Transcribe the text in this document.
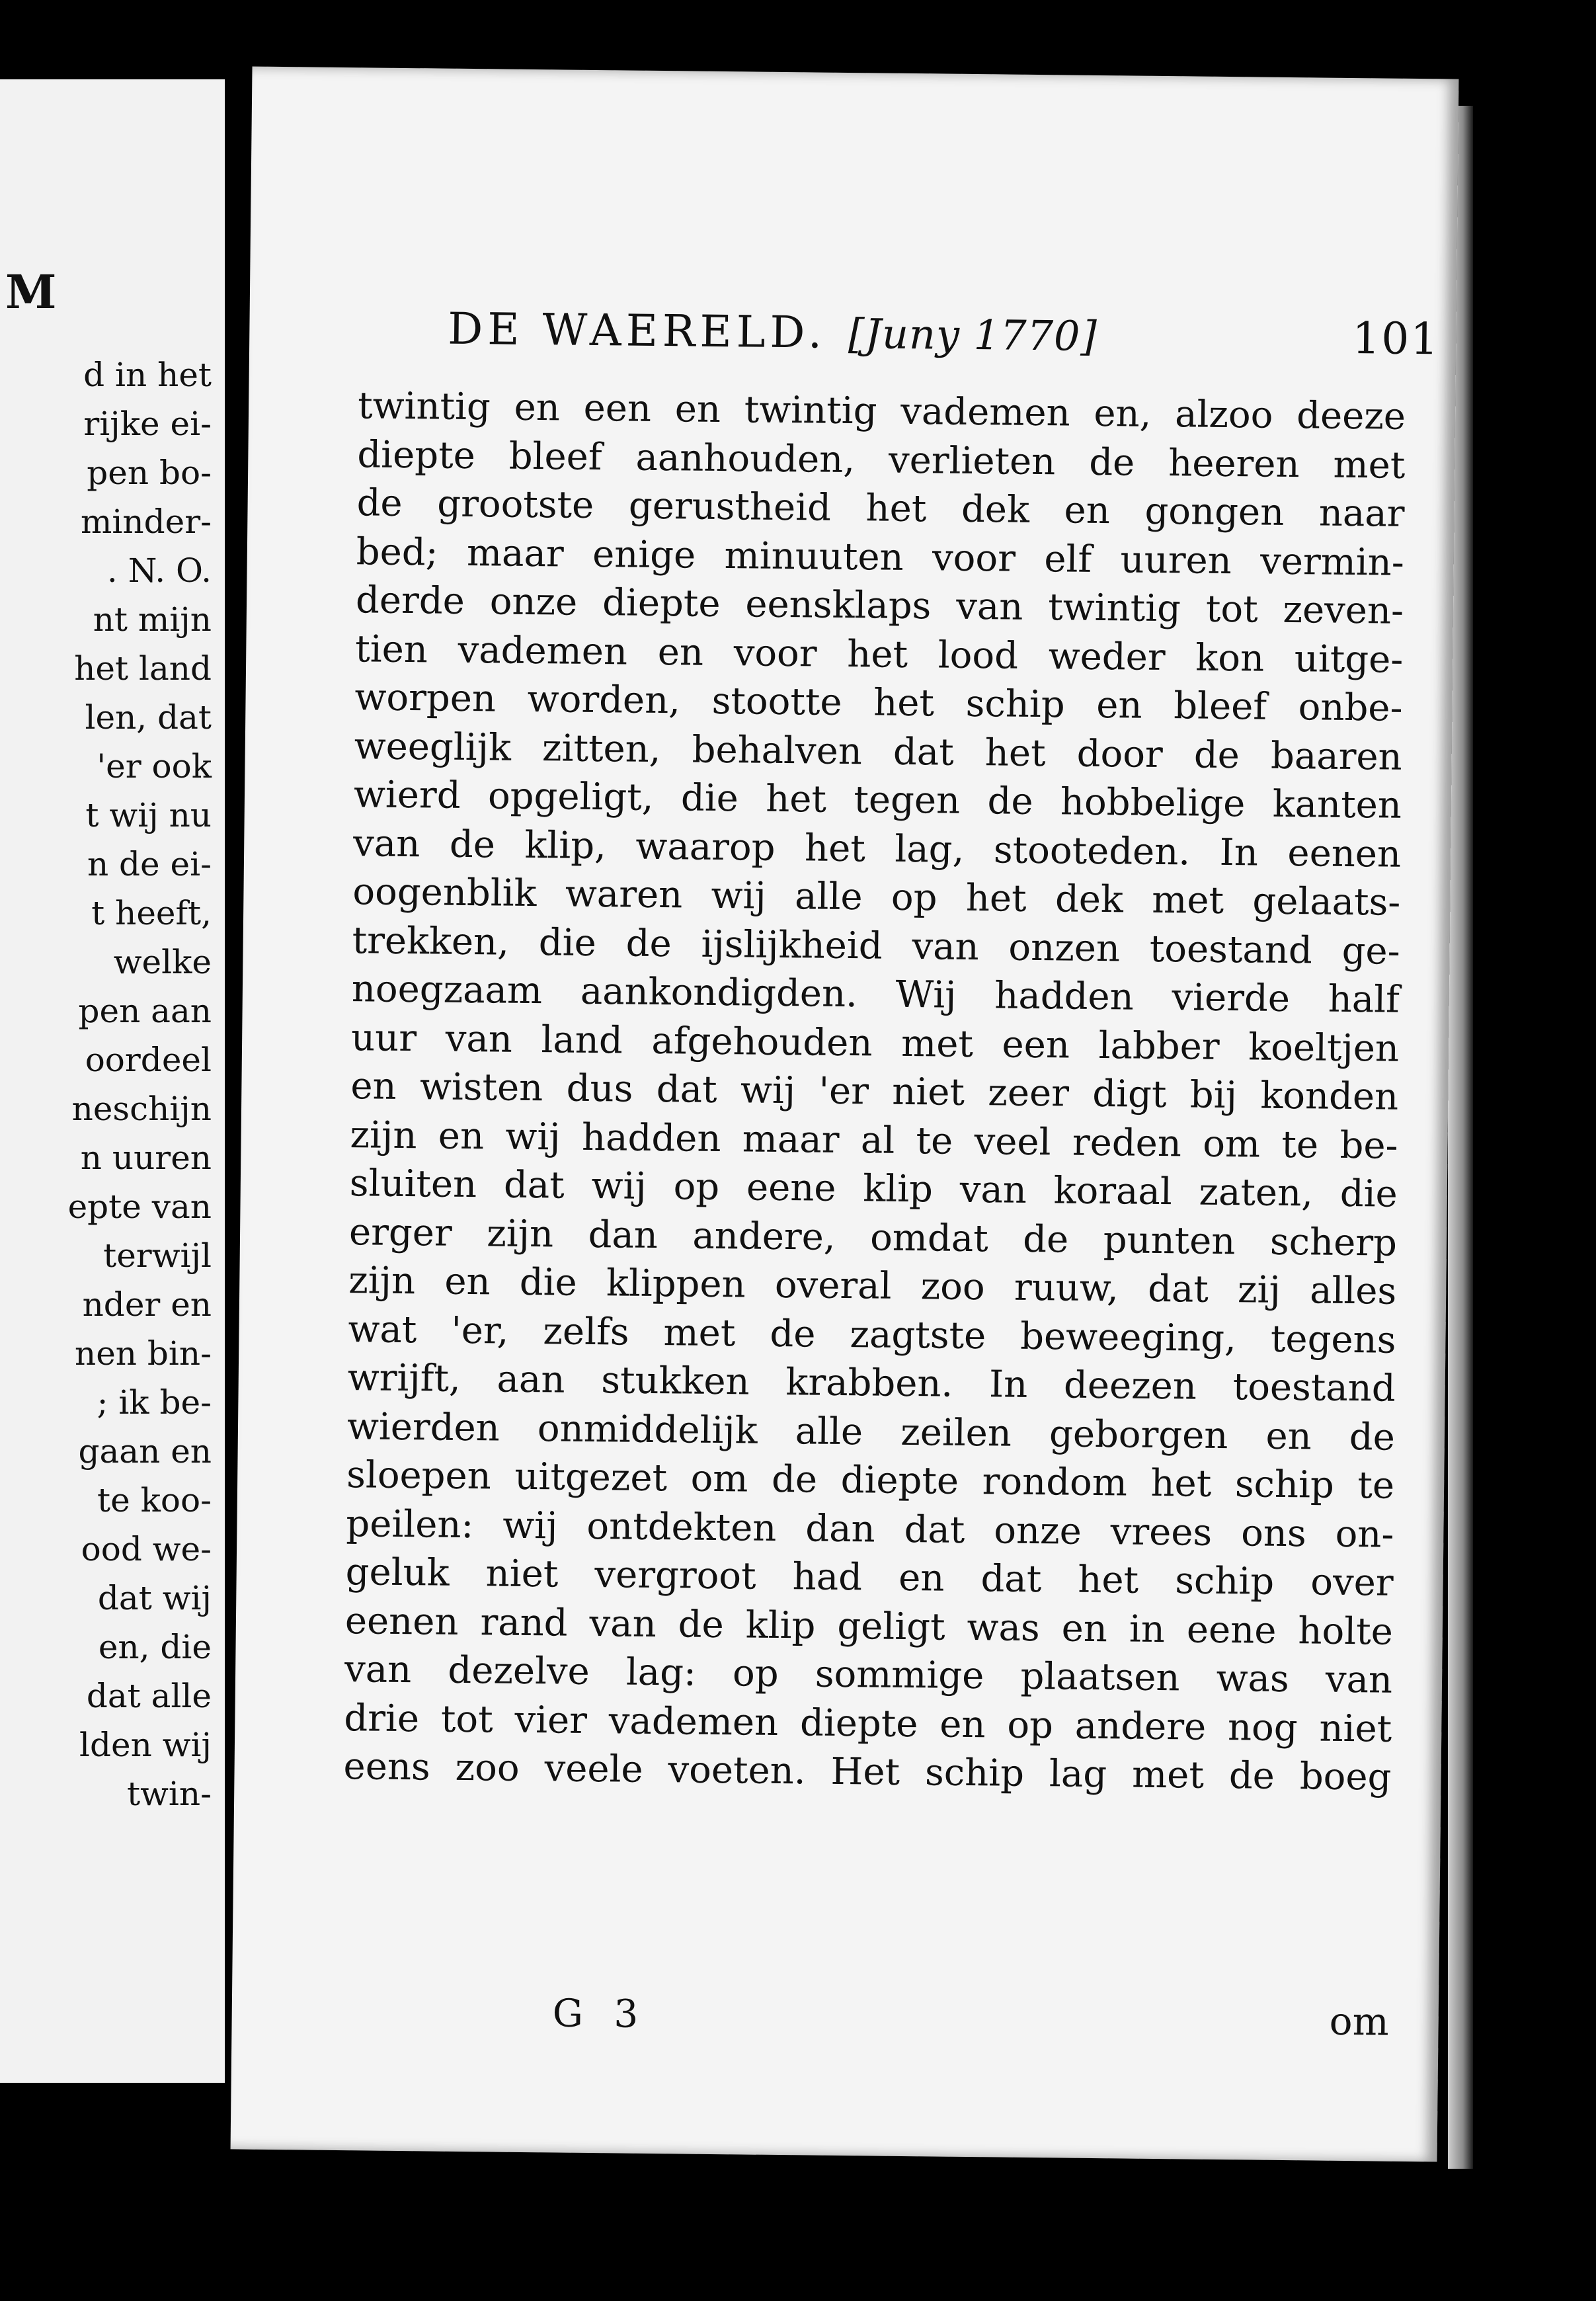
M
d in het
rijke ei-
pen bo-
minder-
. N. O.
nt mijn
het land
len, dat
'er ook
t wij nu
n de ei-
t heeft,
welke
pen aan
oordeel
neschijn
n uuren
epte van
terwijl
nder en
nen bin-
; ik be-
gaan en
te koo-
ood we-
dat wij
en, die
dat alle
lden wij
twin-
DE WAERELD. [Juny 1770]	101
twintig en een en twintig vademen en, alzoo deeze
diepte bleef aanhouden, verlieten de heeren met
de grootste gerustheid het dek en gongen naar
bed; maar enige minuuten voor elf uuren vermin-
derde onze diepte eensklaps van twintig tot zeven-
tien vademen en voor het lood weder kon uitge-
worpen worden, stootte het schip en bleef onbe-
weeglijk zitten, behalven dat het door de baaren
wierd opgeligt, die het tegen de hobbelige kanten
van de klip, waarop het lag, stooteden. In eenen
oogenblik waren wij alle op het dek met gelaats-
trekken, die de ijslijkheid van onzen toestand ge-
noegzaam aankondigden. Wij hadden vierde half
uur van land afgehouden met een labber koeltjen
en wisten dus dat wij 'er niet zeer digt bij konden
zijn en wij hadden maar al te veel reden om te be-
sluiten dat wij op eene klip van koraal zaten, die
erger zijn dan andere, omdat de punten scherp
zijn en die klippen overal zoo ruuw, dat zij alles
wat 'er, zelfs met de zagtste beweeging, tegens
wrijft, aan stukken krabben. In deezen toestand
wierden onmiddelijk alle zeilen geborgen en de
sloepen uitgezet om de diepte rondom het schip te
peilen: wij ontdekten dan dat onze vrees ons on-
geluk niet vergroot had en dat het schip over
eenen rand van de klip geligt was en in eene holte
van dezelve lag: op sommige plaatsen was van
drie tot vier vademen diepte en op andere nog niet
eens zoo veele voeten. Het schip lag met de boeg
G 3	om
